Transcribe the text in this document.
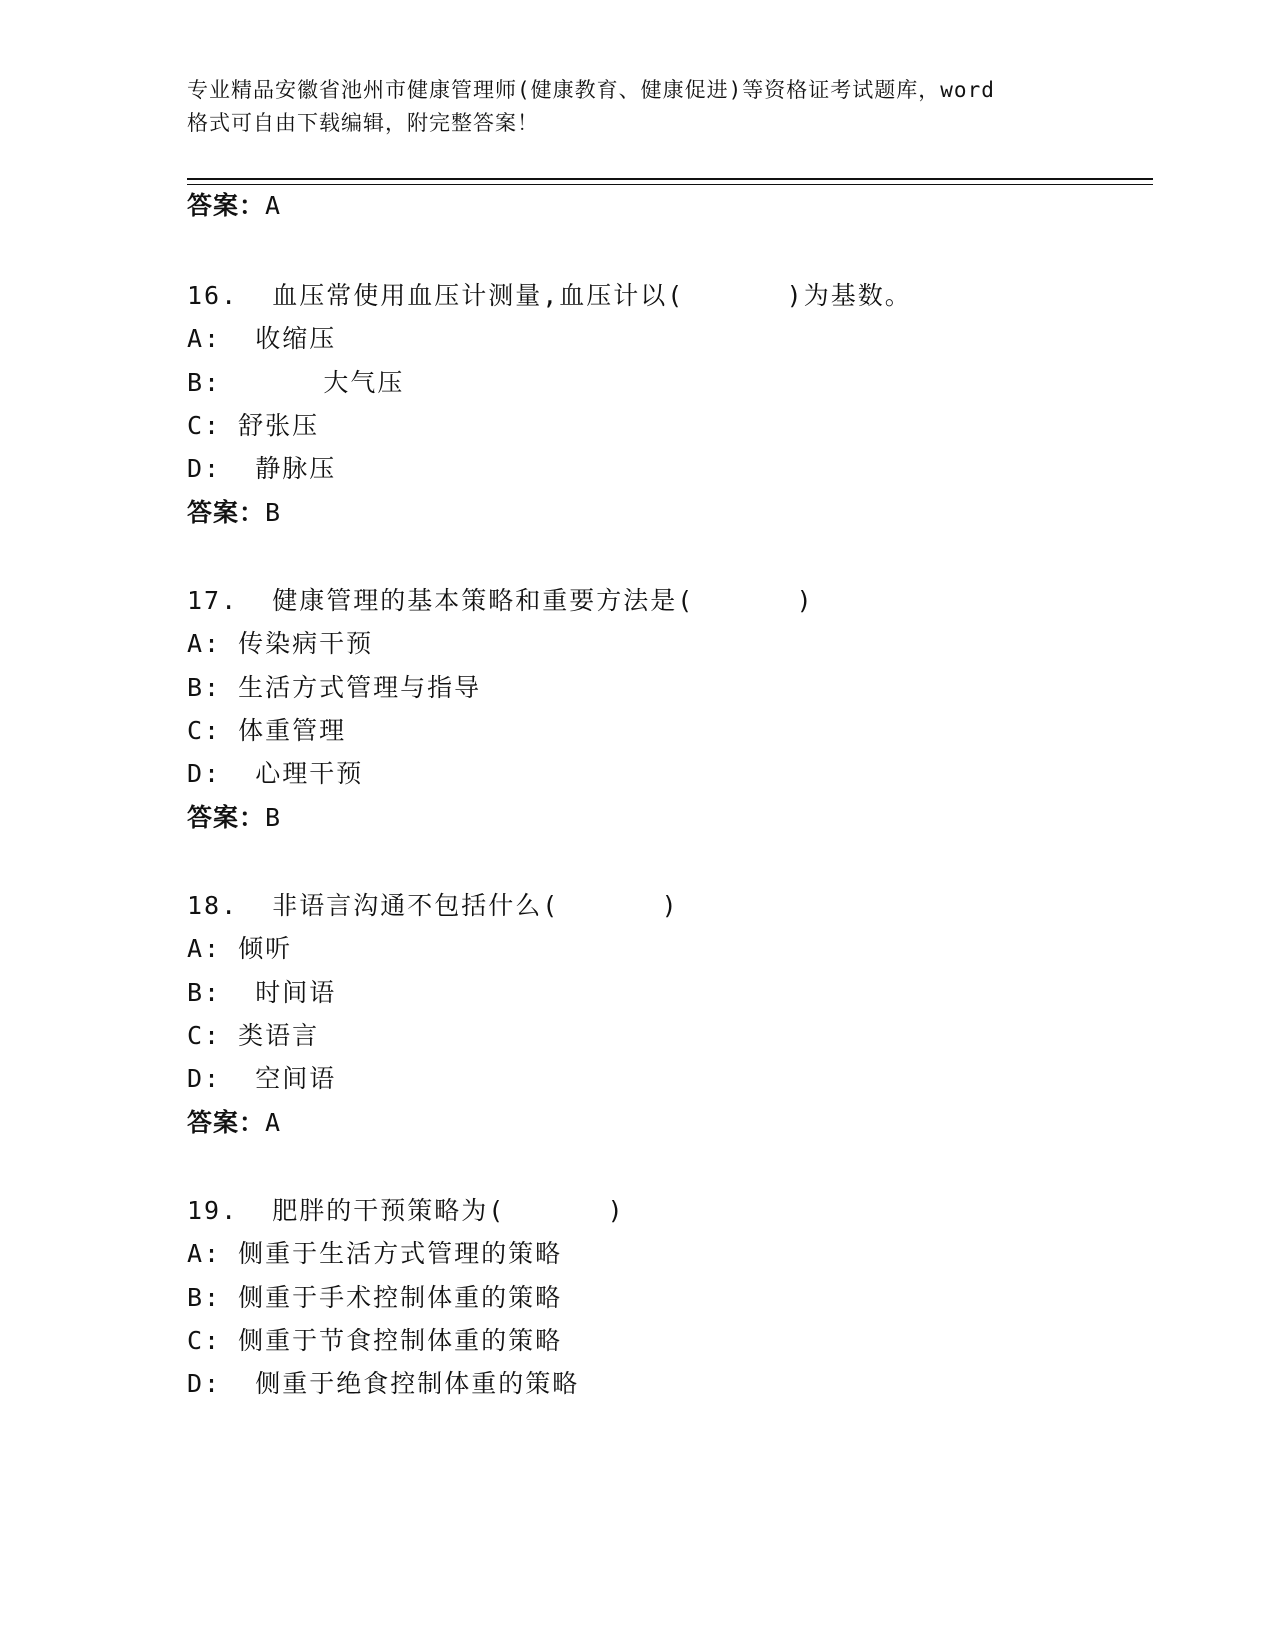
专业精品安徽省池州市健康管理师(健康教育、健康促进)等资格证考试题库，word
格式可自由下载编辑，附完整答案！
答案：A
16.  血压常使用血压计测量,血压计以(      )为基数。
A:  收缩压
B:      大气压
C: 舒张压
D:  静脉压
答案：B
17.  健康管理的基本策略和重要方法是(      )
A: 传染病干预
B: 生活方式管理与指导
C: 体重管理
D:  心理干预
答案：B
18.  非语言沟通不包括什么(      )
A: 倾听
B:  时间语
C: 类语言
D:  空间语
答案：A
19.  肥胖的干预策略为(      )
A: 侧重于生活方式管理的策略
B: 侧重于手术控制体重的策略
C: 侧重于节食控制体重的策略
D:  侧重于绝食控制体重的策略
